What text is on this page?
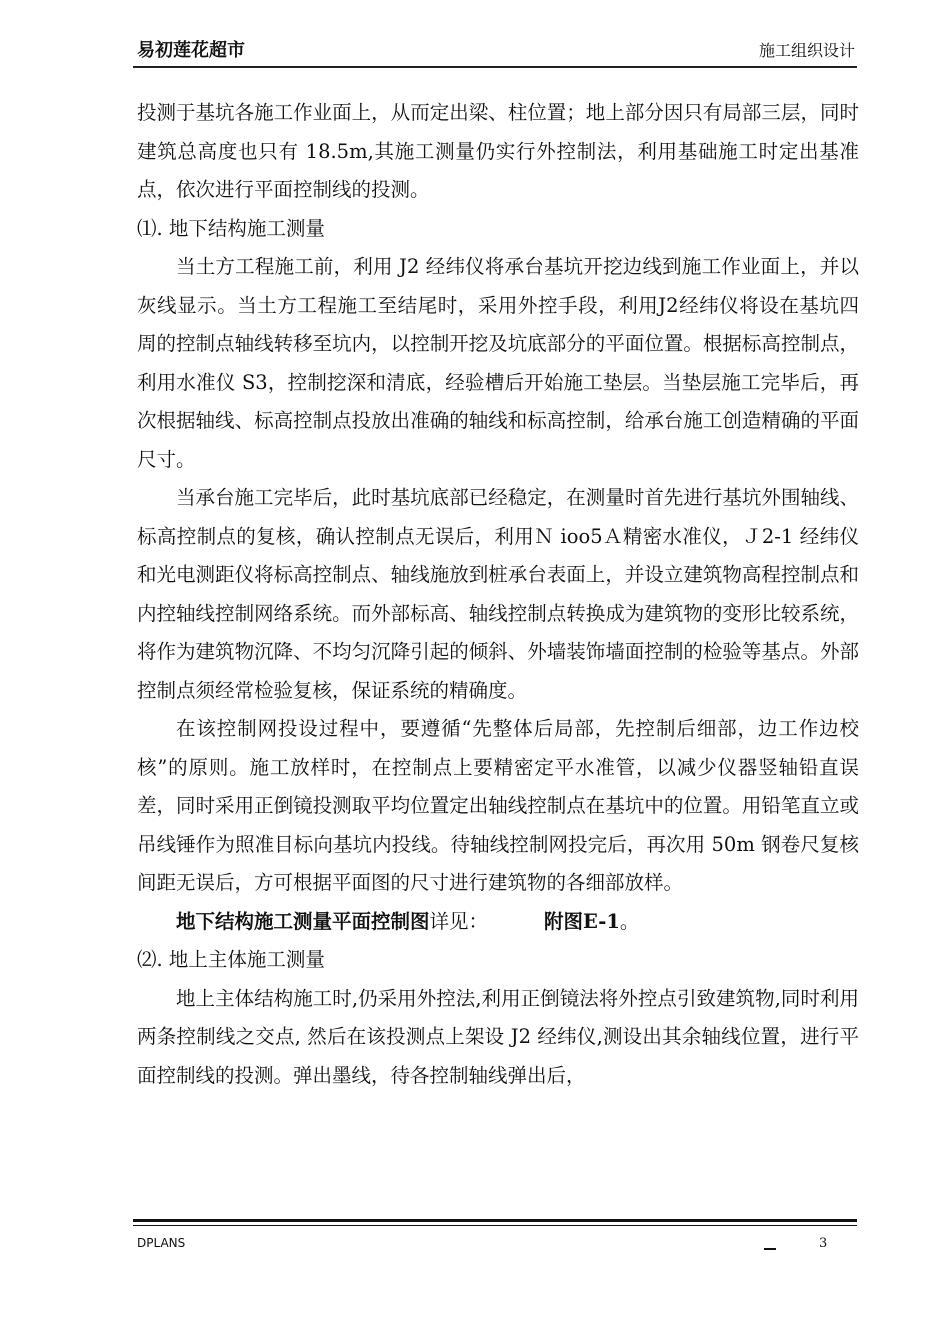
易初莲花超市	施工组织设计

投测于基坑各施工作业面上，从而定出梁、柱位置；地上部分因只有局部三层，同时建筑总高度也只有 18.5m,其施工测量仍实行外控制法，利用基础施工时定出基准点，依次进行平面控制线的投测。

⑴. 地下结构施工测量

当土方工程施工前，利用 J2 经纬仪将承台基坑开挖边线到施工作业面上，并以灰线显示。当土方工程施工至结尾时，采用外控手段，利用J2经纬仪将设在基坑四周的控制点轴线转移至坑内，以控制开挖及坑底部分的平面位置。根据标高控制点，利用水准仪 S3，控制挖深和清底，经验槽后开始施工垫层。当垫层施工完毕后，再次根据轴线、标高控制点投放出准确的轴线和标高控制，给承台施工创造精确的平面尺寸。

当承台施工完毕后，此时基坑底部已经稳定，在测量时首先进行基坑外围轴线、标高控制点的复核，确认控制点无误后，利用Ｎ ioo5Ａ精密水准仪，Ｊ2-1 经纬仪和光电测距仪将标高控制点、轴线施放到桩承台表面上，并设立建筑物高程控制点和内控轴线控制网络系统。而外部标高、轴线控制点转换成为建筑物的变形比较系统，将作为建筑物沉降、不均匀沉降引起的倾斜、外墙装饰墙面控制的检验等基点。外部控制点须经常检验复核，保证系统的精确度。

在该控制网投设过程中，要遵循“先整体后局部，先控制后细部，边工作边校核”的原则。施工放样时，在控制点上要精密定平水准管，以减少仪器竖轴铅直误差，同时采用正倒镜投测取平均位置定出轴线控制点在基坑中的位置。用铅笔直立或吊线锤作为照准目标向基坑内投线。待轴线控制网投完后，再次用 50m 钢卷尺复核间距无误后，方可根据平面图的尺寸进行建筑物的各细部放样。

地下结构施工测量平面控制图详见：	附图E-1。

⑵. 地上主体施工测量

地上主体结构施工时,仍采用外控法,利用正倒镜法将外控点引致建筑物,同时利用两条控制线之交点, 然后在该投测点上架设 J2 经纬仪,测设出其余轴线位置，进行平面控制线的投测。弹出墨线，待各控制轴线弹出后，

DPLANS	3
